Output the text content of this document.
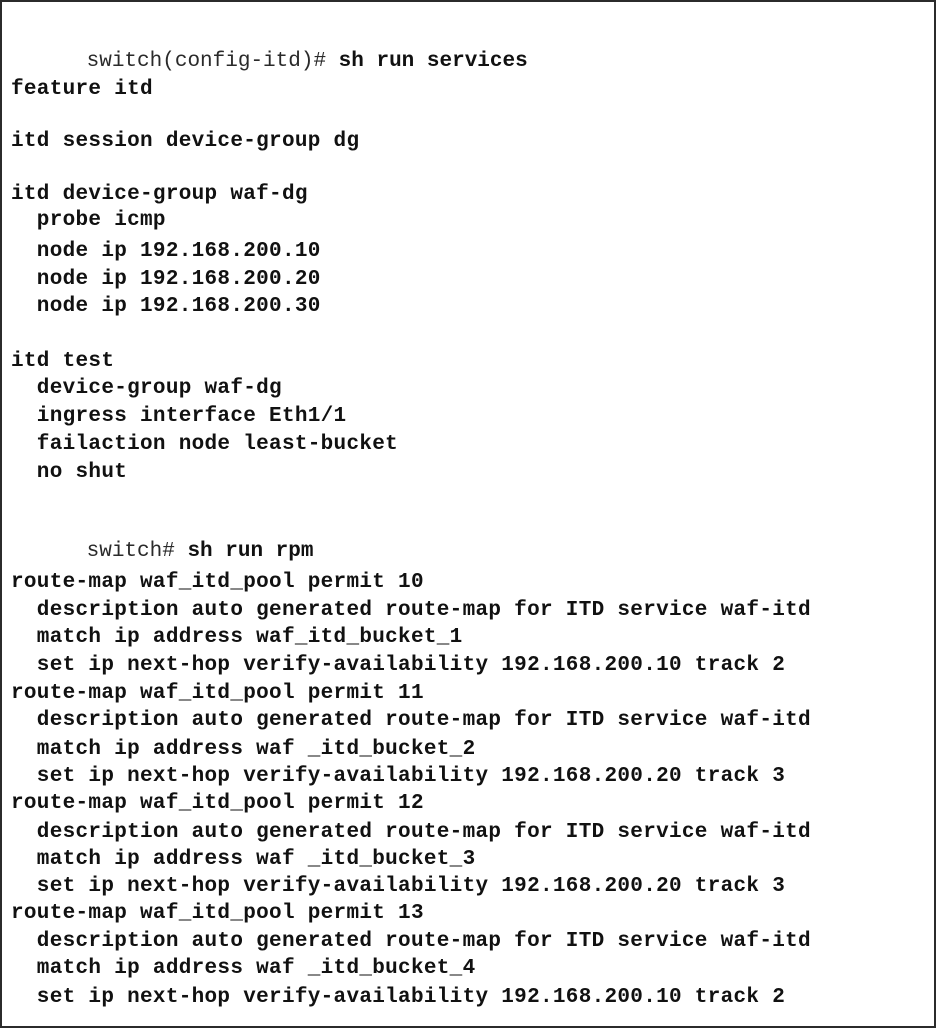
switch(config-itd)# sh run services

feature itd
itd session device-group dg
itd device-group waf-dg
probe icmp
node ip 192.168.200.10
node ip 192.168.200.20
node ip 192.168.200.30
itd test
device-group waf-dg
ingress interface Eth1/1
failaction node least-bucket
no shut

switch# sh run rpm

route-map waf_itd_pool permit 10
description auto generated route-map for ITD service waf-itd
match ip address waf_itd_bucket_1
set ip next-hop verify-availability 192.168.200.10 track 2
route-map waf_itd_pool permit 11
description auto generated route-map for ITD service waf-itd
match ip address waf _itd_bucket_2
set ip next-hop verify-availability 192.168.200.20 track 3
route-map waf_itd_pool permit 12
description auto generated route-map for ITD service waf-itd
match ip address waf _itd_bucket_3
set ip next-hop verify-availability 192.168.200.20 track 3
route-map waf_itd_pool permit 13
description auto generated route-map for ITD service waf-itd
match ip address waf _itd_bucket_4
set ip next-hop verify-availability 192.168.200.10 track 2
